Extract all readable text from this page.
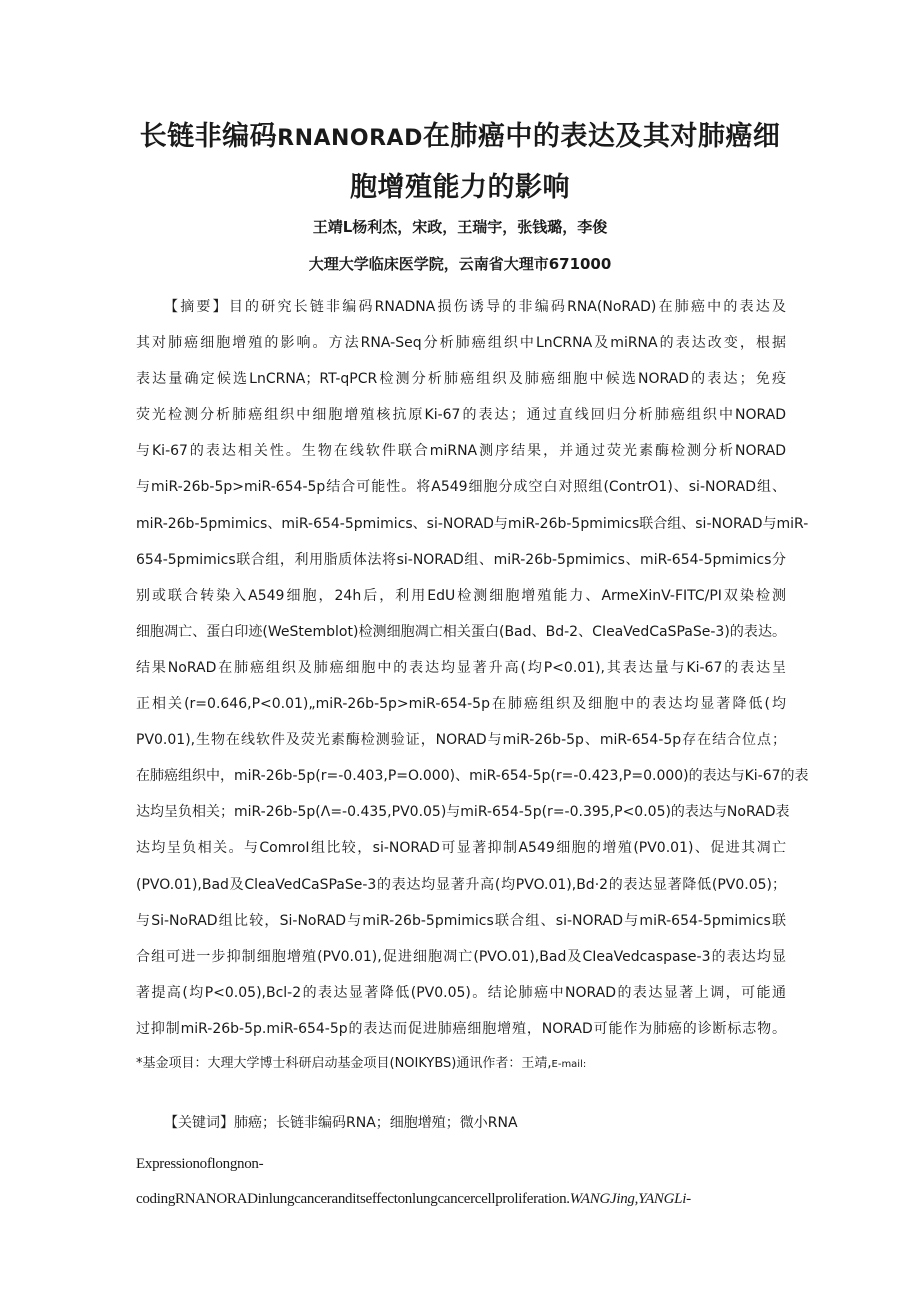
长链非编码RNANORAD在肺癌中的表达及其对肺癌细
胞增殖能力的影响

王靖L杨利杰，宋政，王瑞宇，张钱璐，李俊

大理大学临床医学院，云南省大理市671000

【摘要】目的研究长链非编码RNADNA损伤诱导的非编码RNA(NoRAD)在肺癌中的表达及
其对肺癌细胞增殖的影响。方法RNA-Seq分析肺癌组织中LnCRNA及miRNA的表达改变，根据
表达量确定候选LnCRNA；RT-qPCR检测分析肺癌组织及肺癌细胞中候选NORAD的表达；免疫
荧光检测分析肺癌组织中细胞增殖核抗原Ki-67的表达；通过直线回归分析肺癌组织中NORAD
与Ki-67的表达相关性。生物在线软件联合miRNA测序结果，并通过荧光素酶检测分析NORAD
与miR-26b-5p>miR-654-5p结合可能性。将A549细胞分成空白对照组(ContrO1)、si-NORAD组、
miR-26b-5pmimics、miR-654-5pmimics、si-NORAD与miR-26b-5pmimics联合组、si-NORAD与miR-
654-5pmimics联合组，利用脂质体法将si-NORAD组、miR-26b-5pmimics、miR-654-5pmimics分
别或联合转染入A549细胞，24h后，利用EdU检测细胞增殖能力、ArmeXinV-FITC/PI双染检测
细胞凋亡、蛋白印迹(WeStemblot)检测细胞凋亡相关蛋白(Bad、Bd-2、CIeaVedCaSPaSe-3)的表达。
结果NoRAD在肺癌组织及肺癌细胞中的表达均显著升高(均P<0.01),其表达量与Ki-67的表达呈
正相关(r=0.646,P<0.01)„miR-26b-5p>miR-654-5p在肺癌组织及细胞中的表达均显著降低(均
PV0.01),生物在线软件及荧光素酶检测验证，NORAD与miR-26b-5p、miR-654-5p存在结合位点；
在肺癌组织中，miR-26b-5p(r=-0.403,P=O.000)、miR-654-5p(r=-0.423,P=0.000)的表达与Ki-67的表
达均呈负相关；miR-26b-5p(Λ=-0.435,PV0.05)与miR-654-5p(r=-0.395,P<0.05)的表达与NoRAD表
达均呈负相关。与ComroI组比较，si-NORAD可显著抑制A549细胞的增殖(PV0.01)、促进其凋亡
(PVO.01),Bad及CleaVedCaSPaSe-3的表达均显著升高(均PVO.01),Bd·2的表达显著降低(PV0.05)；
与Si-NoRAD组比较，Si-NoRAD与miR-26b-5pmimics联合组、si-NORAD与miR-654-5pmimics联
合组可进一步抑制细胞增殖(PV0.01),促进细胞凋亡(PVO.01),Bad及CIeaVedcaspase-3的表达均显
著提高(均P<0.05),Bcl-2的表达显著降低(PV0.05)。结论肺癌中NORAD的表达显著上调，可能通
过抑制miR-26b-5p.miR-654-5p的表达而促进肺癌细胞增殖，NORAD可能作为肺癌的诊断标志物。

*基金项目：大理大学博士科研启动基金项目(NOIKYBS)通讯作者：王靖,E-mail:

【关键词】肺癌；长链非编码RNA；细胞增殖；微小RNA

Expressionoflongnon-

codingRNANORADinlungcanceranditseffectonlungcancercellproliferation.WANGJing,YANGLi-
